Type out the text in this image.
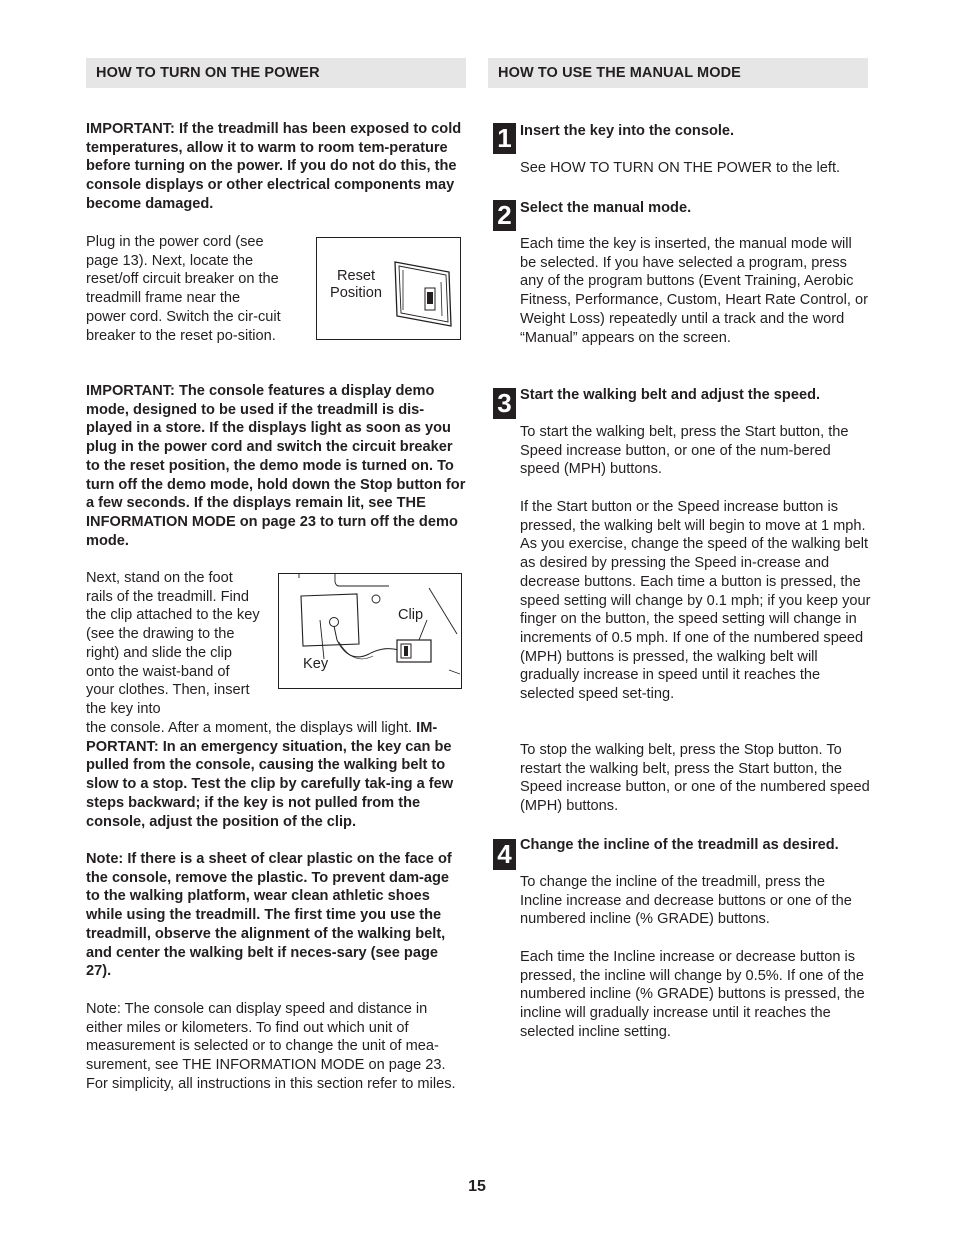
HOW TO TURN ON THE POWER
IMPORTANT: If the treadmill has been exposed to cold temperatures, allow it to warm to room tem-perature before turning on the power. If you do not do this, the console displays or other electrical components may become damaged.
Plug in the power cord (see page 13). Next, locate the reset/off circuit breaker on the treadmill frame near the power cord. Switch the cir-cuit breaker to the reset po-sition.
Reset
Position
IMPORTANT: The console features a display demo mode, designed to be used if the treadmill is dis-played in a store. If the displays light as soon as you plug in the power cord and switch the circuit breaker to the reset position, the demo mode is turned on. To turn off the demo mode, hold down the Stop button for a few seconds. If the displays remain lit, see THE INFORMATION MODE on page 23 to turn off the demo mode.
Next, stand on the foot rails of the treadmill. Find the clip attached to the key (see the drawing to the right) and slide the clip onto the waist-band of your clothes. Then, insert the key into
Clip
Key
the console. After a moment, the displays will light. IM-PORTANT: In an emergency situation, the key can be pulled from the console, causing the walking belt to slow to a stop. Test the clip by carefully tak-ing a few steps backward; if the key is not pulled from the console, adjust the position of the clip.
Note: If there is a sheet of clear plastic on the face of the console, remove the plastic. To prevent dam-age to the walking platform, wear clean athletic shoes while using the treadmill. The first time you use the treadmill, observe the alignment of the walking belt, and center the walking belt if neces-sary (see page 27).
Note: The console can display speed and distance in either miles or kilometers. To find out which unit of measurement is selected or to change the unit of mea-surement, see THE INFORMATION MODE on page 23. For simplicity, all instructions in this section refer to miles.
HOW TO USE THE MANUAL MODE
1 Insert the key into the console.
See HOW TO TURN ON THE POWER to the left.
2 Select the manual mode.
Each time the key is inserted, the manual mode will be selected. If you have selected a program, press any of the program buttons (Event Training, Aerobic Fitness, Performance, Custom, Heart Rate Control, or Weight Loss) repeatedly until a track and the word “Manual” appears on the screen.
3 Start the walking belt and adjust the speed.
To start the walking belt, press the Start button, the Speed increase button, or one of the num-bered speed (MPH) buttons.
If the Start button or the Speed increase button is pressed, the walking belt will begin to move at 1 mph. As you exercise, change the speed of the walking belt as desired by pressing the Speed in-crease and decrease buttons. Each time a button is pressed, the speed setting will change by 0.1 mph; if you keep your finger on the button, the speed setting will change in increments of 0.5 mph. If one of the numbered speed (MPH) buttons is pressed, the walking belt will gradually increase in speed until it reaches the selected speed set-ting.
To stop the walking belt, press the Stop button. To restart the walking belt, press the Start button, the Speed increase button, or one of the numbered speed (MPH) buttons.
4 Change the incline of the treadmill as desired.
To change the incline of the treadmill, press the Incline increase and decrease buttons or one of the numbered incline (% GRADE) buttons.
Each time the Incline increase or decrease button is pressed, the incline will change by 0.5%. If one of the numbered incline (% GRADE) buttons is pressed, the incline will gradually increase until it reaches the selected incline setting.
15
